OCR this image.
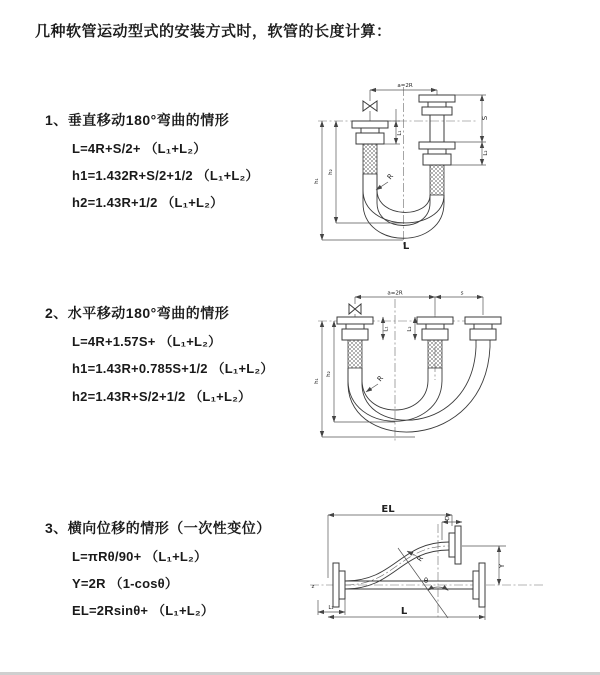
几种软管运动型式的安装方式时，软管的长度计算：
1、垂直移动180°弯曲的情形
L=4R+S/2+ （L₁+L₂）
h1=1.432R+S/2+1/2 （L₁+L₂）
h2=1.43R+1/2 （L₁+L₂）
2、水平移动180°弯曲的情形
L=4R+1.57S+ （L₁+L₂）
h1=1.43R+0.785S+1/2 （L₁+L₂）
h2=1.43R+S/2+1/2 （L₁+L₂）
3、横向位移的情形（一次性变位）
L=πRθ/90+ （L₁+L₂）
Y=2R （1-cosθ）
EL=2Rsinθ+ （L₁+L₂）
a=2R
L₁
S
L₂
h₁
h₂
R
L
a=2R	s
L₁	L₂
h₁
h₂
R
EL
L₂
z
L₁
Y
L
θ
R
